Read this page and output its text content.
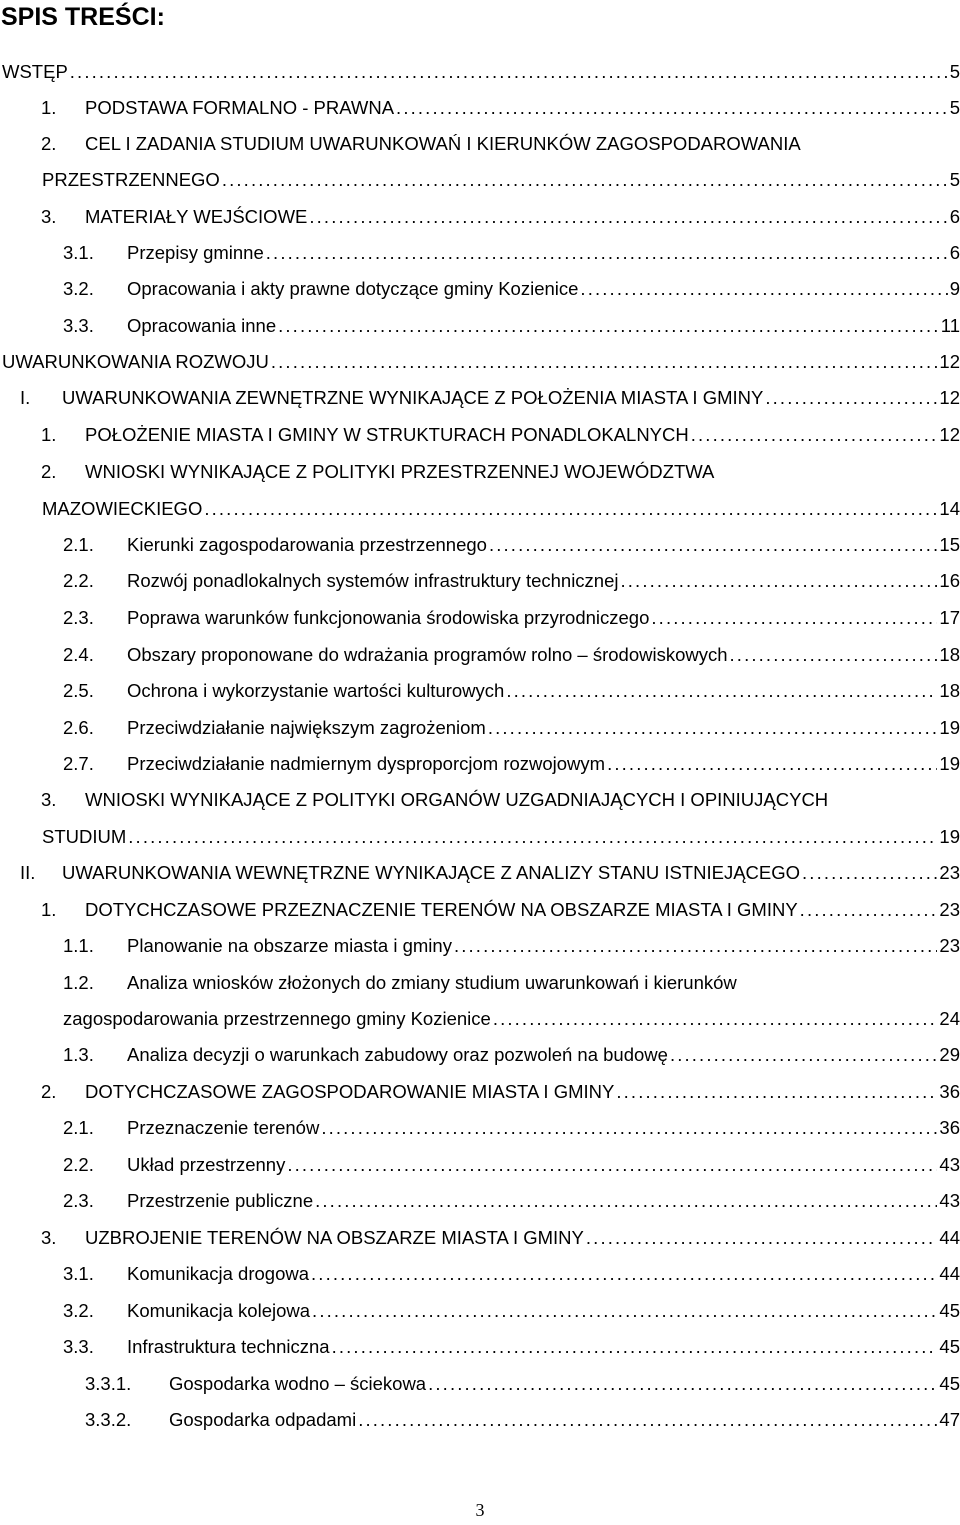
SPIS TREŚCI:
WSTĘP . . .	5
1. PODSTAWA FORMALNO - PRAWNA . . .	5
2. CEL I ZADANIA STUDIUM UWARUNKOWAŃ I KIERUNKÓW ZAGOSPODAROWANIA
PRZESTRZENNEGO . . .	5
3. MATERIAŁY WEJŚCIOWE . . .	6
3.1. Przepisy gminne . . .	6
3.2. Opracowania i akty prawne dotyczące gminy Kozienice . . .	9
3.3. Opracowania inne . . .	11
UWARUNKOWANIA ROZWOJU . . .	12
I. UWARUNKOWANIA ZEWNĘTRZNE WYNIKAJĄCE Z POŁOŻENIA MIASTA I GMINY . . .	12
1. POŁOŻENIE MIASTA I GMINY W STRUKTURACH PONADLOKALNYCH . . .	12
2. WNIOSKI WYNIKAJĄCE Z POLITYKI PRZESTRZENNEJ WOJEWÓDZTWA
MAZOWIECKIEGO . . .	14
2.1. Kierunki zagospodarowania przestrzennego . . .	15
2.2. Rozwój ponadlokalnych systemów infrastruktury technicznej . . .	16
2.3. Poprawa warunków funkcjonowania środowiska przyrodniczego . . .	17
2.4. Obszary proponowane do wdrażania programów rolno – środowiskowych . . .	18
2.5. Ochrona i wykorzystanie wartości kulturowych . . .	18
2.6. Przeciwdziałanie największym zagrożeniom . . .	19
2.7. Przeciwdziałanie nadmiernym dysproporcjom rozwojowym . . .	19
3. WNIOSKI WYNIKAJĄCE Z POLITYKI ORGANÓW UZGADNIAJĄCYCH I OPINIUJĄCYCH
STUDIUM . . .	19
II. UWARUNKOWANIA WEWNĘTRZNE WYNIKAJĄCE Z ANALIZY STANU ISTNIEJĄCEGO . . .	23
1. DOTYCHCZASOWE PRZEZNACZENIE TERENÓW NA OBSZARZE MIASTA I GMINY . . .	23
1.1. Planowanie na obszarze miasta i gminy . . .	23
1.2. Analiza wniosków złożonych do zmiany studium uwarunkowań i kierunków
zagospodarowania przestrzennego gminy Kozienice . . .	24
1.3. Analiza decyzji o warunkach zabudowy oraz pozwoleń na budowę . . .	29
2. DOTYCHCZASOWE ZAGOSPODAROWANIE MIASTA I GMINY . . .	36
2.1. Przeznaczenie terenów . . .	36
2.2. Układ przestrzenny . . .	43
2.3. Przestrzenie publiczne . . .	43
3. UZBROJENIE TERENÓW NA OBSZARZE MIASTA I GMINY . . .	44
3.1. Komunikacja drogowa . . .	44
3.2. Komunikacja kolejowa . . .	45
3.3. Infrastruktura techniczna . . .	45
3.3.1. Gospodarka wodno – ściekowa . . .	45
3.3.2. Gospodarka odpadami . . .	47
3
